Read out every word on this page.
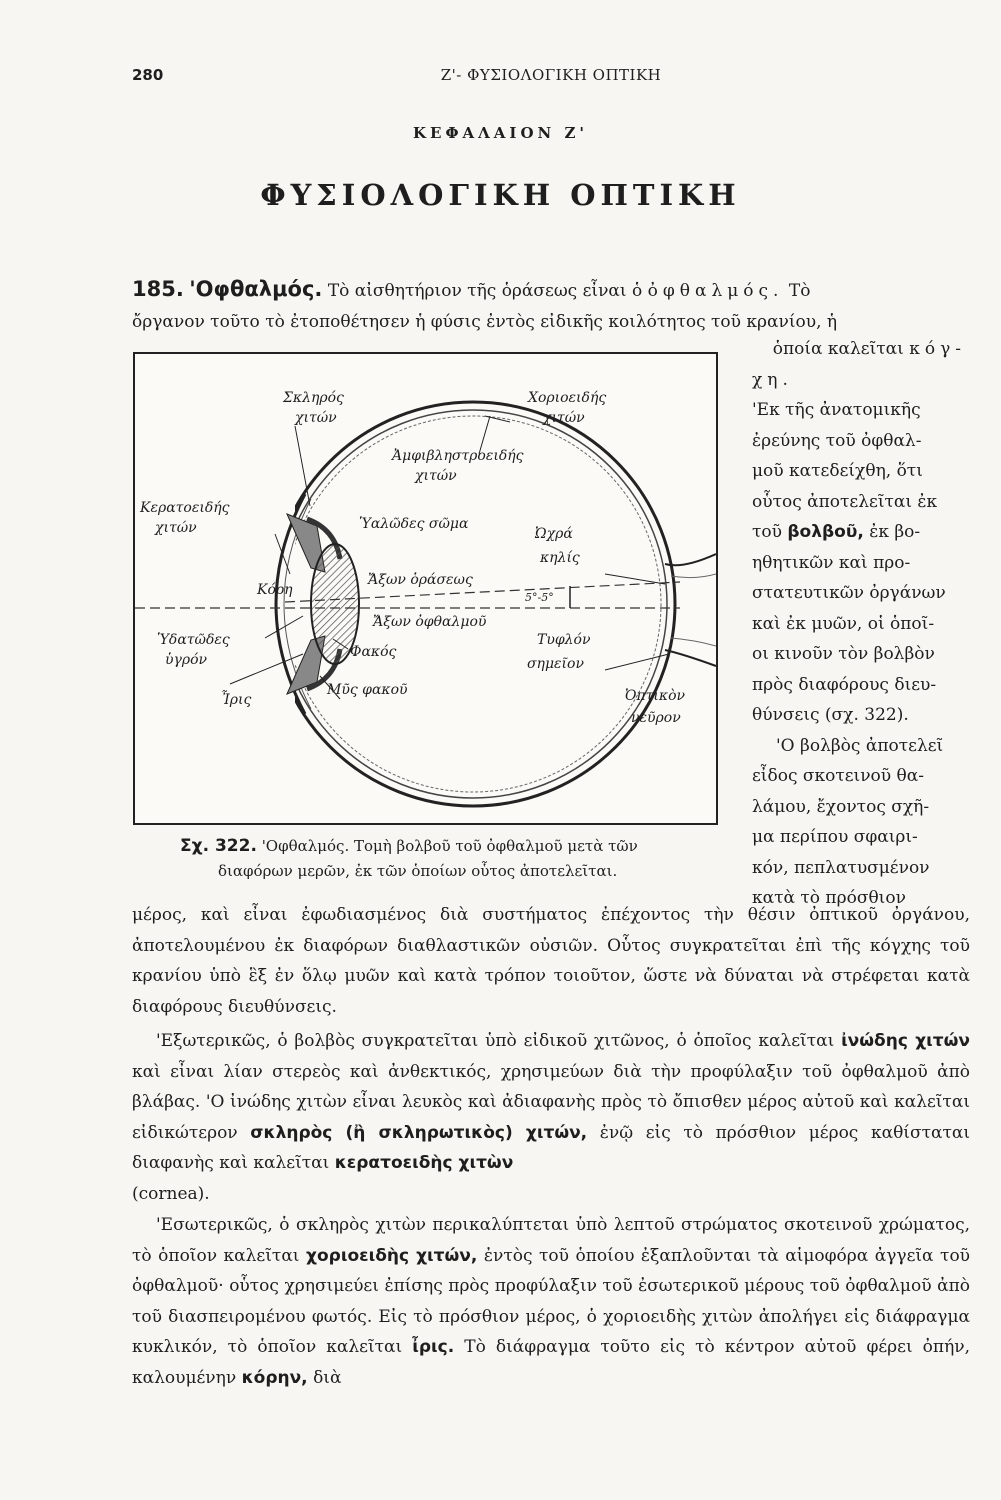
280	Ζ'- ΦΥΣΙΟΛΟΓΙΚΗ ΟΠΤΙΚΗ
ΚΕΦΑΛΑΙΟΝ Ζ'
ΦΥΣΙΟΛΟΓΙΚΗ ΟΠΤΙΚΗ

185. 'Οφθαλμός. Τὸ αἰσθητήριον τῆς ὁράσεως εἶναι ὁ ὀφθαλμός. Τὸ
ὄργανον τοῦτο τὸ ἐτοποθέτησεν ἡ φύσις ἐντὸς εἰδικῆς κοιλότητος τοῦ κρανίου, ἡ

ὁποία καλεῖται κόγ-
χη.
'Εκ τῆς ἀνατομικῆς
ἐρεύνης τοῦ ὀφθαλ-
μοῦ κατεδείχθη, ὅτι
οὗτος ἀποτελεῖται ἐκ
τοῦ βολβοῦ, ἐκ βο-
ηθητικῶν καὶ προ-
στατευτικῶν ὀργάνων
καὶ ἐκ μυῶν, οἱ ὁποῖ-
οι κινοῦν τὸν βολβὸν
πρὸς διαφόρους διευ-
θύνσεις (σχ. 322).
'Ο βολβὸς ἀποτελεῖ
εἶδος σκοτεινοῦ θα-
λάμου, ἔχοντος σχῆ-
μα περίπου σφαιρι-
κόν, πεπλατυσμένον
κατὰ τὸ πρόσθιον
Σκληρός
χιτών
Χοριοειδής
χιτών
Ἀμφιβληστροειδής
χιτών
Κερατοειδής
χιτών	Ὑαλῶδες σῶμα
Ὠχρά
κηλίς
Κόρη
Ἄξων ὁράσεως
5°-5°
Ἄξων ὀφθαλμοῦ
Ὑδατῶδες
ὑγρόν	Φακός
Τυφλόν
σημεῖον
Ἶρις
Μῦς φακοῦ	Ὀπτικὸν
νεῦρον
Σχ. 322. 'Οφθαλμός. Τομὴ βολβοῦ τοῦ ὀφθαλμοῦ μετὰ τῶν
διαφόρων μερῶν, ἐκ τῶν ὁποίων οὗτος ἀποτελεῖται.

μέρος, καὶ εἶναι ἐφωδιασμένος διὰ συστήματος ἐπέχοντος τὴν θέσιν ὀπτικοῦ ὀργάνου, ἀποτελουμένου ἐκ διαφόρων διαθλαστικῶν οὐσιῶν. Οὗτος συγκρατεῖται ἐπὶ τῆς κόγχης τοῦ κρανίου ὑπὸ ἓξ ἐν ὅλῳ μυῶν καὶ κατὰ τρόπον τοιοῦτον, ὥστε νὰ δύναται νὰ στρέφεται κατὰ διαφόρους διευθύνσεις.

'Εξωτερικῶς, ὁ βολβὸς συγκρατεῖται ὑπὸ εἰδικοῦ χιτῶνος, ὁ ὁποῖος καλεῖται ἰνώδης χιτών καὶ εἶναι λίαν στερεὸς καὶ ἀνθεκτικός, χρησιμεύων διὰ τὴν προφύλαξιν τοῦ ὀφθαλμοῦ ἀπὸ βλάβας. 'Ο ἰνώδης χιτὼν εἶναι λευκὸς καὶ ἀδιαφανὴς πρὸς τὸ ὄπισθεν μέρος αὐτοῦ καὶ καλεῖται εἰδικώτερον σκληρὸς (ἢ σκληρωτικὸς) χιτών, ἐνῷ εἰς τὸ πρόσθιον μέρος καθίσταται διαφανὴς καὶ καλεῖται κερατοειδὴς χιτὼν
(cornea).

'Εσωτερικῶς, ὁ σκληρὸς χιτὼν περικαλύπτεται ὑπὸ λεπτοῦ στρώματος σκοτεινοῦ χρώματος, τὸ ὁποῖον καλεῖται χοριοειδὴς χιτών, ἐντὸς τοῦ ὁποίου ἐξαπλοῦνται τὰ αἱμοφόρα ἀγγεῖα τοῦ ὀφθαλμοῦ· οὗτος χρησιμεύει ἐπίσης πρὸς προφύλαξιν τοῦ ἐσωτερικοῦ μέρους τοῦ ὀφθαλμοῦ ἀπὸ τοῦ διασπειρομένου φωτός. Εἰς τὸ πρόσθιον μέρος, ὁ χοριοειδὴς χιτὼν ἀπολήγει εἰς διάφραγμα κυκλικόν, τὸ ὁποῖον καλεῖται ἶρις. Τὸ διάφραγμα τοῦτο εἰς τὸ κέντρον αὐτοῦ φέρει ὀπήν, καλουμένην κόρην, διὰ
